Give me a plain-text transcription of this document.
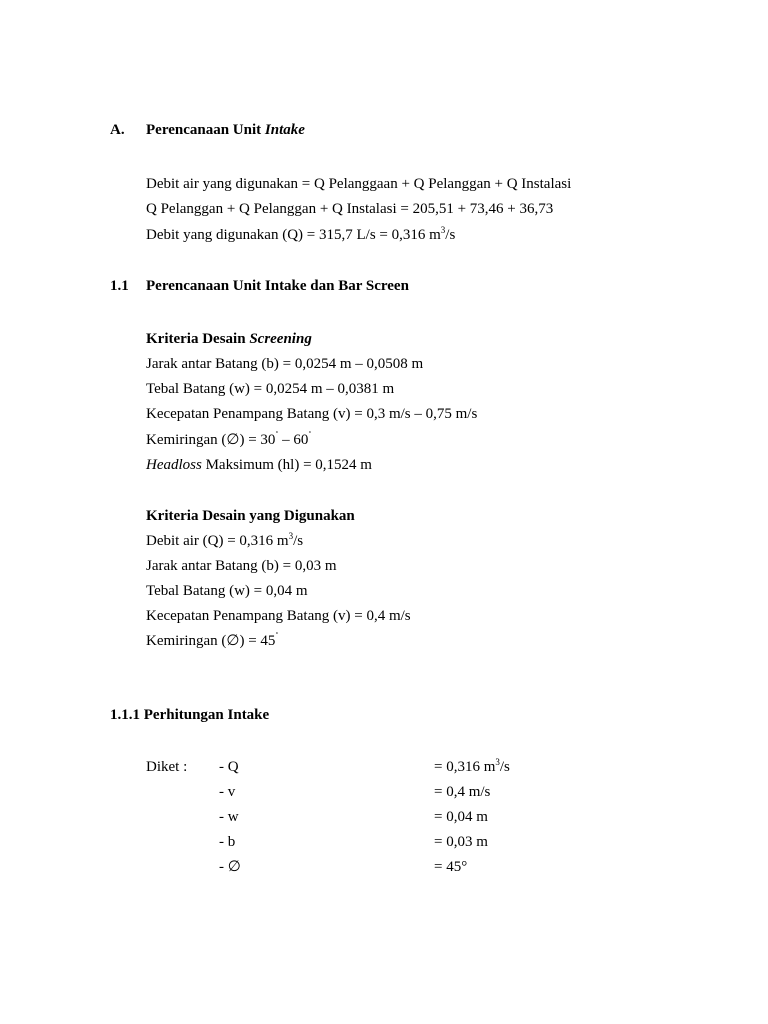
A. Perencanaan Unit Intake
Debit air yang digunakan = Q Pelanggaan + Q Pelanggan + Q Instalasi
Q Pelanggan + Q Pelanggan + Q Instalasi = 205,51 + 73,46 + 36,73
Debit yang digunakan (Q) = 315,7 L/s = 0,316 $m^3/s$
1.1 Perencanaan Unit Intake dan Bar Screen
Kriteria Desain Screening
Jarak antar Batang (b) = 0,0254 m – 0,0508 m
Tebal Batang (w) = 0,0254 m – 0,0381 m
Kecepatan Penampang Batang (v) = 0,3 m/s – 0,75 m/s
Kemiringan (∅) = 30˚ – 60˚
Headloss Maksimum (hl) = 0,1524 m
Kriteria Desain yang Digunakan
Debit air (Q) = 0,316 $m^3/s$
Jarak antar Batang (b) = 0,03 m
Tebal Batang (w) = 0,04 m
Kecepatan Penampang Batang (v) = 0,4 m/s
Kemiringan (∅) = 45˚
1.1.1 Perhitungan Intake
Diket : - Q	= 0,316 $m^3/s$
- v	= 0,4 m/s
- w	= 0,04 m
- b	= 0,03 m
- ∅	= 45°
